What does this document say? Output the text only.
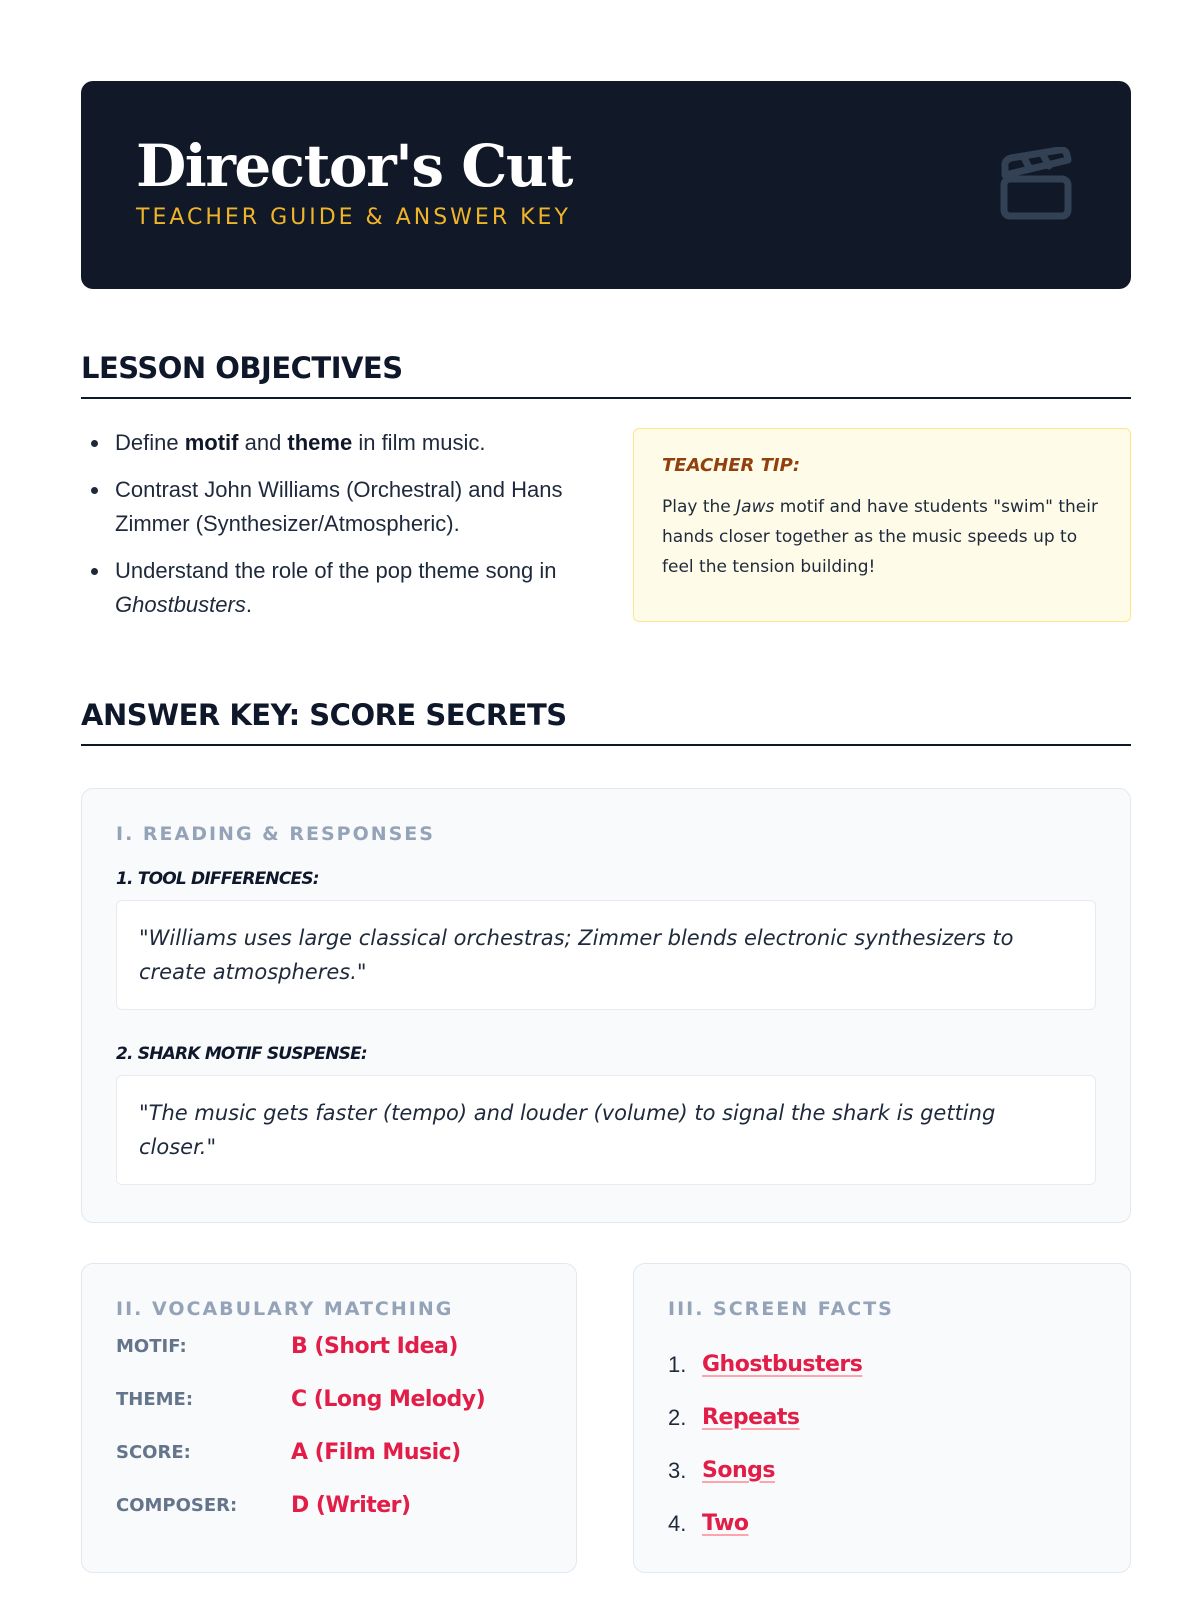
Director's Cut
TEACHER GUIDE & ANSWER KEY
LESSON OBJECTIVES
Define motif and theme in film music.
Contrast John Williams (Orchestral) and Hans Zimmer (Synthesizer/Atmospheric).
Understand the role of the pop theme song in Ghostbusters.
TEACHER TIP:

Play the Jaws motif and have students "swim" their hands closer together as the music speeds up to feel the tension building!

ANSWER KEY: SCORE SECRETS
I. READING & RESPONSES
1. TOOL DIFFERENCES:
"Williams uses large classical orchestras; Zimmer blends electronic synthesizers to create atmospheres."
2. SHARK MOTIF SUSPENSE:
"The music gets faster (tempo) and louder (volume) to signal the shark is getting closer."
II. VOCABULARY MATCHING
MOTIF:	B (Short Idea)
THEME:	C (Long Melody)
SCORE:	A (Film Music)
COMPOSER:	D (Writer)
III. SCREEN FACTS
1. Ghostbusters
2. Repeats
3. Songs
4. Two
